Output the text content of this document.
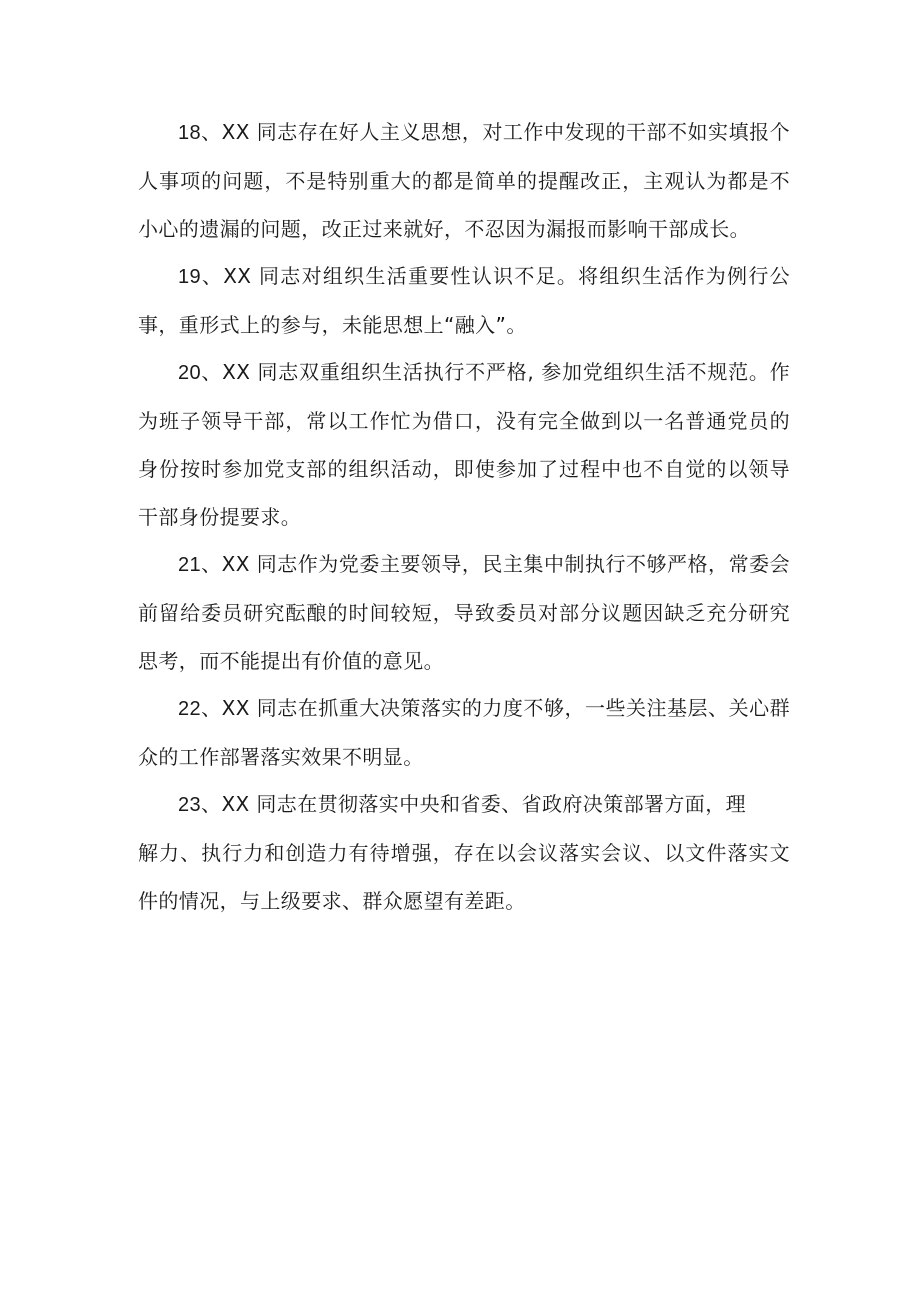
18、XX 同志存在好人主义思想，对工作中发现的干部不如实填报个人事项的问题，不是特别重大的都是简单的提醒改正，主观认为都是不小心的遗漏的问题，改正过来就好，不忍因为漏报而影响干部成长。

19、XX 同志对组织生活重要性认识不足。将组织生活作为例行公事，重形式上的参与，未能思想上“融入”。

20、XX 同志双重组织生活执行不严格, 参加党组织生活不规范。作为班子领导干部，常以工作忙为借口，没有完全做到以一名普通党员的身份按时参加党支部的组织活动，即使参加了过程中也不自觉的以领导干部身份提要求。

21、XX 同志作为党委主要领导，民主集中制执行不够严格，常委会前留给委员研究酝酿的时间较短，导致委员对部分议题因缺乏充分研究思考，而不能提出有价值的意见。

22、XX 同志在抓重大决策落实的力度不够，一些关注基层、关心群众的工作部署落实效果不明显。

23、XX 同志在贯彻落实中央和省委、省政府决策部署方面，理
解力、执行力和创造力有待增强，存在以会议落实会议、以文件落实文件的情况，与上级要求、群众愿望有差距。
